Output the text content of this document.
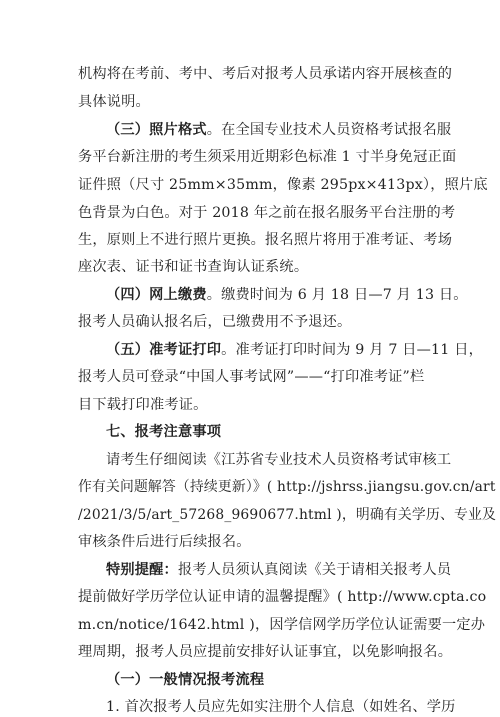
机构将在考前、考中、考后对报考人员承诺内容开展核查的
具体说明。
（三）照片格式。在全国专业技术人员资格考试报名服
务平台新注册的考生须采用近期彩色标准 1 寸半身免冠正面
证件照（尺寸 25mm×35mm，像素 295px×413px），照片底
色背景为白色。对于 2018 年之前在报名服务平台注册的考
生，原则上不进行照片更换。报名照片将用于准考证、考场
座次表、证书和证书查询认证系统。
（四）网上缴费。缴费时间为 6 月 18 日—7 月 13 日。
报考人员确认报名后，已缴费用不予退还。
（五）准考证打印。准考证打印时间为 9 月 7 日—11 日，
报考人员可登录“中国人事考试网”——“打印准考证”栏
目下载打印准考证。
七、报考注意事项
请考生仔细阅读《江苏省专业技术人员资格考试审核工
作有关问题解答（持续更新）》( http://jshrss.jiangsu.gov.cn/art
/2021/3/5/art_57268_9690677.html )，明确有关学历、专业及
审核条件后进行后续报名。
特别提醒：报考人员须认真阅读《关于请相关报考人员
提前做好学历学位认证申请的温馨提醒》( http://www.cpta.co
m.cn/notice/1642.html )，因学信网学历学位认证需要一定办
理周期，报考人员应提前安排好认证事宜，以免影响报名。
（一）一般情况报考流程
1. 首次报考人员应先如实注册个人信息（如姓名、学历
